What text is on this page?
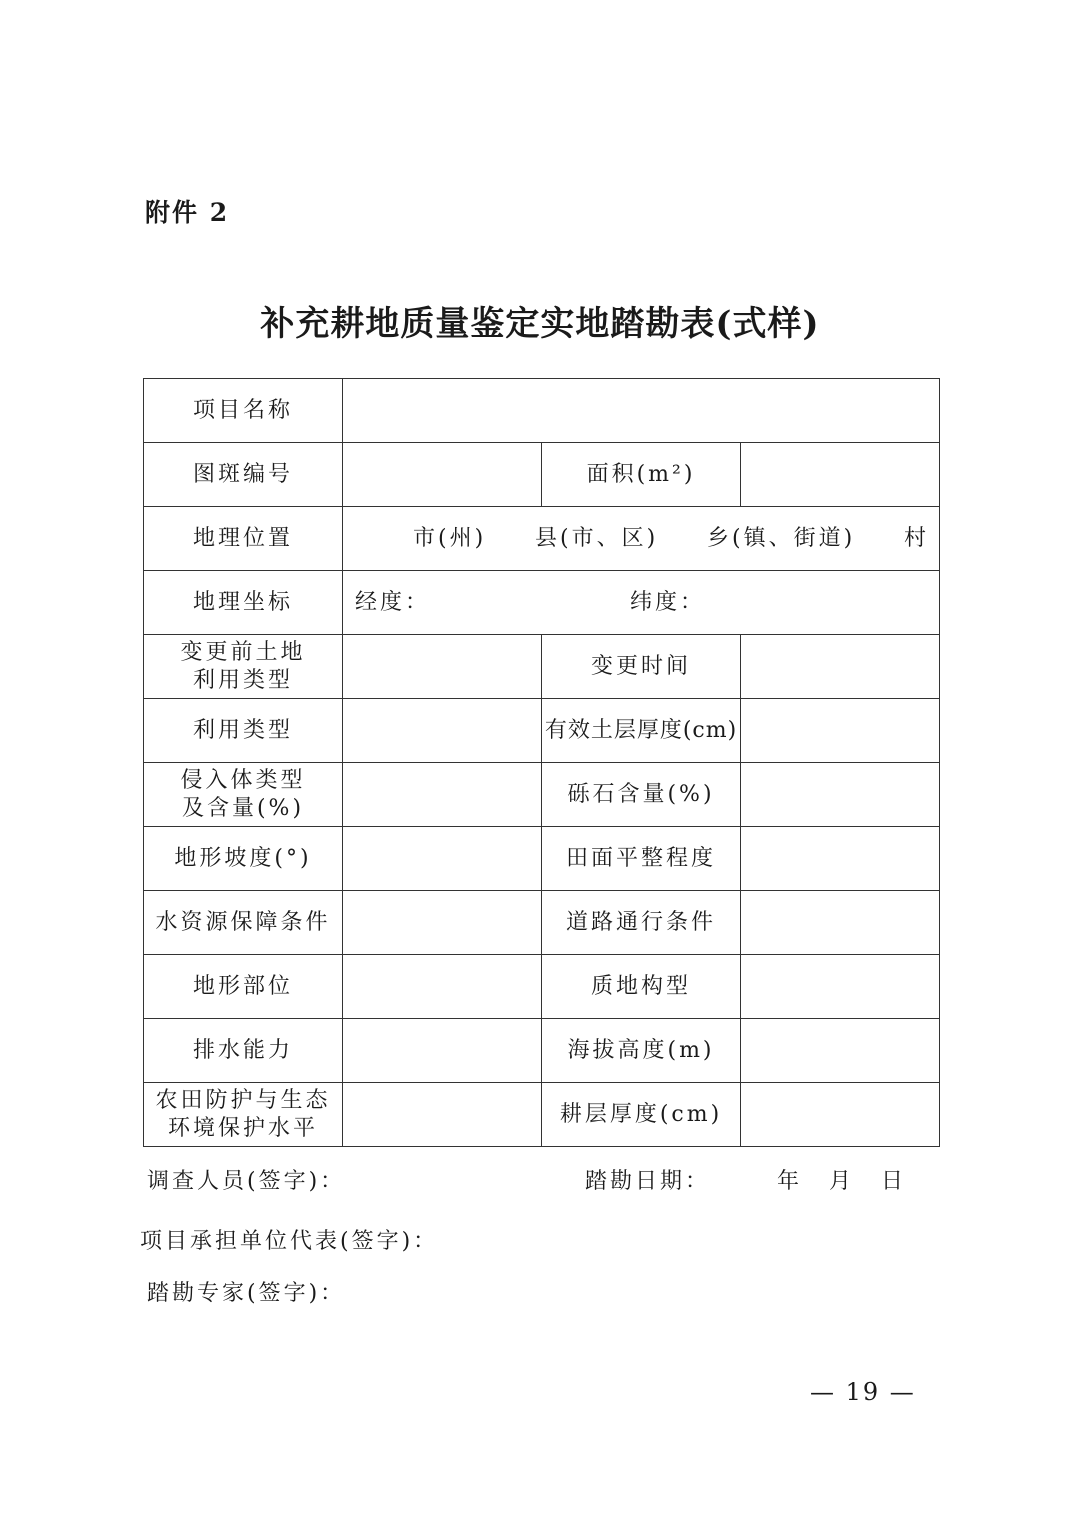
附件 2
补充耕地质量鉴定实地踏勘表(式样)
项目名称			
图斑编号		面积(m²)	
地理位置	市(州) 县(市、区) 乡(镇、街道) 村		

地理坐标	经度： 纬度：		

变更前土地
利用类型		变更时间	
利用类型		有效土层厚度(cm)	
侵入体类型
及含量(%)		砾石含量(%)	
地形坡度(°)		田面平整程度	
水资源保障条件		道路通行条件	
地形部位		质地构型	
排水能力		海拔高度(m)	
农田防护与生态
环境保护水平		耕层厚度(cm)	
调查人员(签字)：	踏勘日期：	年 月 日
项目承担单位代表(签字)：
踏勘专家(签字)：
— 19 —
